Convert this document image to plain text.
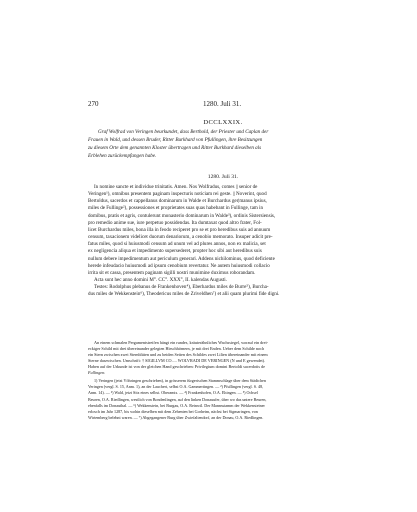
270	1280. Juli 31.
DCCLXXIX.
Graf Wolfrad von Veringen beurkundet, dass Berthold, der Priester und Caplan der
Frauen in Wald, und dessen Bruder, Ritter Burkhard von Pfullingen, ihre Besitzungen
zu diesem Orte dem genannten Kloster übertragen und Ritter Burkhard dieselben als
Erblehen zurückempfangen habe.
1280. Juli 31.
In nomine sancte et individue trinitatis. Amen. Nos Wolfradus, comes || senior de
Veringen¹), omnibus presentem paginam inspecturis noticiam rei geste. || Noverint, quod
Bertoldus, sacerdos et cappellanus dominarum in Walde et Burchardus ger|manus ipsius,
miles de Fullinge²), possessiones et proprietates suas quas habebant in Fullinge, tam in
domibus, pratis et agris, contulerunt monasterio dominarum in Walde³), ordinis Sistersiensis,
pro remedio anime sue, iure perpetuo possidendas. Ita dumtaxat quod altro frater, Fol-
licet Burchardus miles, bona illa in feodo reciperet pro se et pro heredibus suis ad annuum
censum, taxacionem videlicet duorum denariorum, a cenobio memorato. Insuper adicit pre-
fatus miles, quod si huiusmodi censum ad unum vel ad plures annos, non ex malicia, set
ex negligencia aliqua et impedimento supersederet, propter hoc sibi aut heredibus suis
nullum debere impedimentum aut periculum generari. Addens nichilominus, quod deficiente
herede infeudacio huiusmodi ad ipsum cenobium revertatur. Ne autem huiusmodi collacio
irrita sit et cassa, presentem paginam sigilli nostri munimine duximus roborandam.
Acta sunt hec anno domini M°. CC°. XXX°, II. kalendas Augusti.
Testes: Rodolphus plebanus de Frankenhoven⁴), Eberhardus miles de Burre⁵), Burcha-
dus miles de Wekkenstein⁶), Theodericus miles de Zriveldhen⁷) et alii quam plurimi fide digni.
An einem schmalen Pergamentstreifen hängt ein rundes, kräuterähnliches Wachssiegel, worauf ein drei-
eckiger Schild mit drei übereinander gelegten Hirschhörnern, je mit drei Enden. Ueber dem Schilde noch
ein Stern zwischen zwei Sternblüten und zu beiden Seiten des Schildes zwei Lilien übereinander mit einem
Sterne darzwischen. Umschrift: † SIGILLVM CO..... WOLVRADI DE VERINGEN (N und E gewendet).
Haben auf der Urkunde ist von der gleichen Hand geschrieben: Privilegium domini Bertoldi sacerdotis de
Fullingen.
1) Veringen (jetzt Vöhringen geschrieben), in grösserem fürgerischen Stammschlage über dem Städtchen
Veringen (vergl. S. 15, Anm. 1), an der Lauchert, selbst O.A. Gammertingen. — ²) Pfullingen (vergl. S. 48,
Anm. 14). — ³) Wald, jetzt Sitz eines selbst. Oberamts. — ⁴) Frankenhofen, O.A. Ehingen. — ⁵) Ochsel
Beuren, O.A. Riedlingen, westlich von Bondenlingen, auf den linken Donauufer, über wo das untere Beuren,
ebenfalls im Donauthal. — ⁶) Wekkenstein, bei Burgau, O.A. Reinwil. Der Mannsstamm der Wekkensteiner
erlosch im Jahr 1287, bis wohin dieselben mit dem Zehenten bei Gorheim, nächst bei Sigmaringen, von
Wirtemberg belehnt waren. — ⁷) Abgegangener Burg über Zwiefaltendorf, an der Donau, O.A. Riedlingen.
